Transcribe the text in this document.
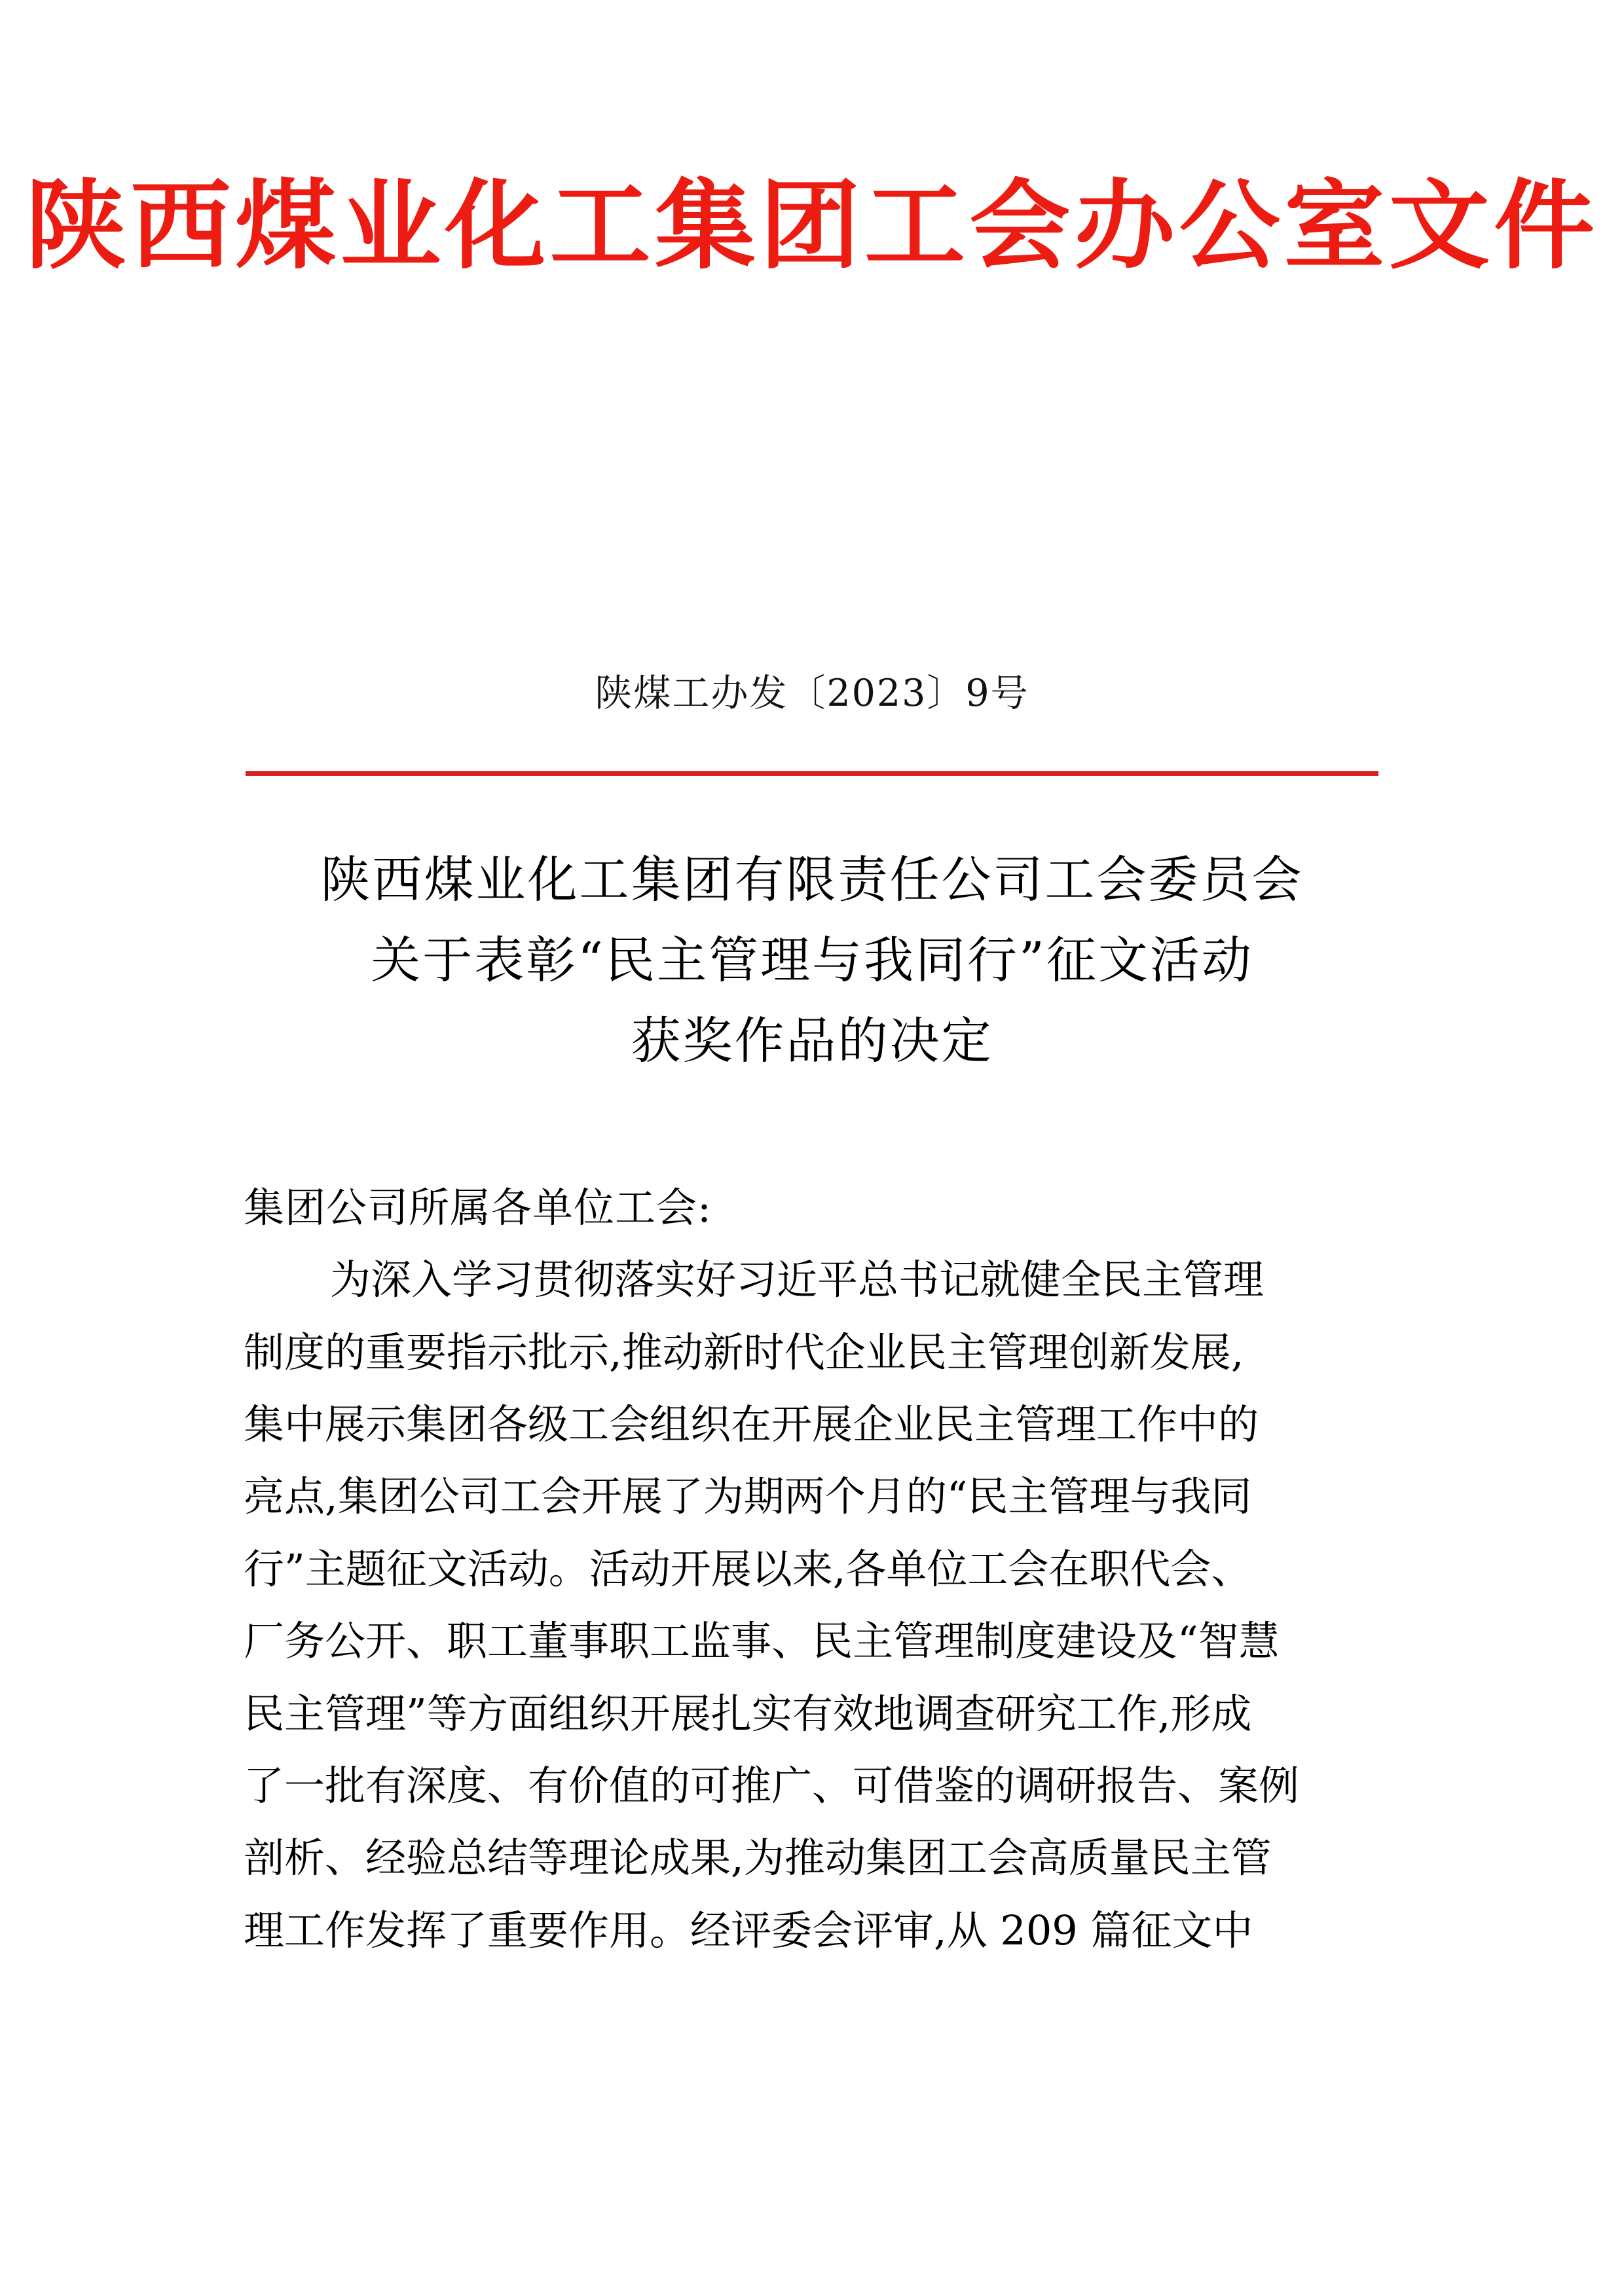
陕西煤业化工集团工会办公室文件
陕煤工办发〔2023〕9号
陕西煤业化工集团有限责任公司工会委员会
关于表彰“民主管理与我同行”征文活动
获奖作品的决定
集团公司所属各单位工会:
为深入学习贯彻落实好习近平总书记就健全民主管理
制度的重要指示批示,推动新时代企业民主管理创新发展,
集中展示集团各级工会组织在开展企业民主管理工作中的
亮点,集团公司工会开展了为期两个月的“民主管理与我同
行”主题征文活动。活动开展以来,各单位工会在职代会、
厂务公开、职工董事职工监事、民主管理制度建设及“智慧
民主管理”等方面组织开展扎实有效地调查研究工作,形成
了一批有深度、有价值的可推广、可借鉴的调研报告、案例
剖析、经验总结等理论成果,为推动集团工会高质量民主管
理工作发挥了重要作用。经评委会评审,从 209 篇征文中
